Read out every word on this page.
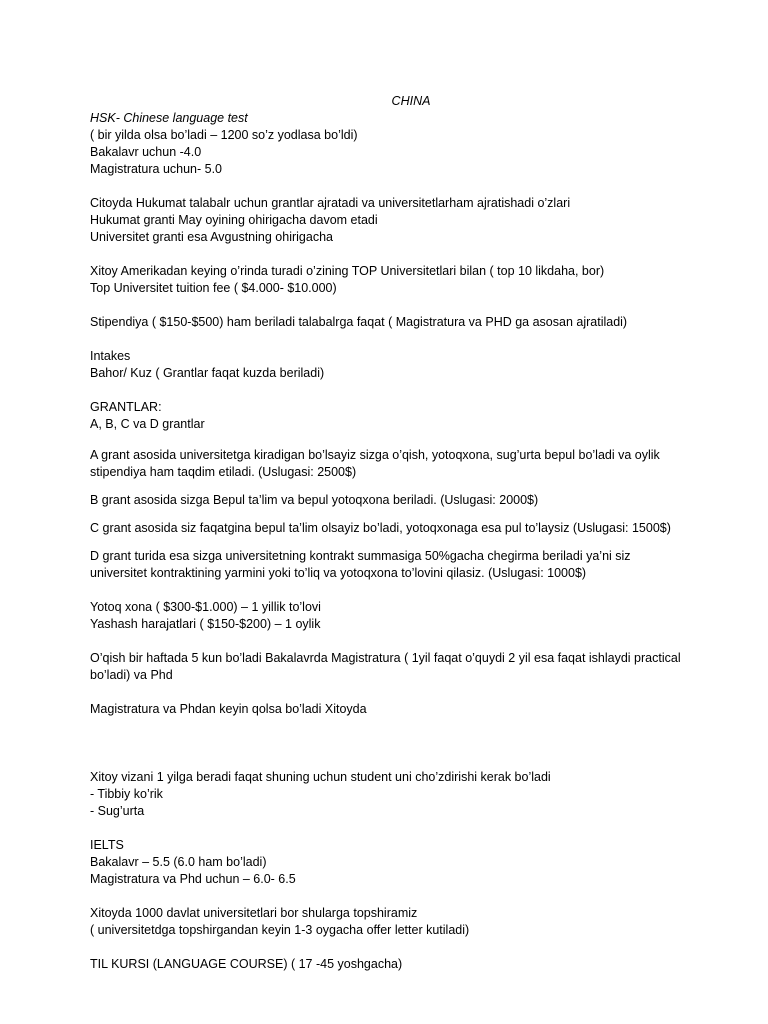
CHINA
HSK- Chinese language test
( bir yilda olsa bo’ladi – 1200 so’z yodlasa bo’ldi)
Bakalavr uchun -4.0
Magistratura uchun- 5.0
Citoyda Hukumat talabalr uchun grantlar ajratadi va universitetlarham ajratishadi o’zlari
Hukumat granti May oyining ohirigacha davom etadi
Universitet granti esa Avgustning ohirigacha
Xitoy Amerikadan keying o’rinda turadi o’zining TOP Universitetlari bilan ( top 10 likdaha, bor)
Top Universitet tuition fee ( $4.000- $10.000)
Stipendiya ( $150-$500) ham beriladi talabalrga faqat ( Magistratura va PHD ga asosan ajratiladi)
Intakes
Bahor/ Kuz ( Grantlar faqat kuzda beriladi)
GRANTLAR:
A, B, C va D grantlar
A grant asosida universitetga kiradigan bo’lsayiz sizga o’qish, yotoqxona, sug’urta bepul bo’ladi va oylik stipendiya ham taqdim etiladi. (Uslugasi: 2500$)
B grant asosida sizga Bepul ta’lim va bepul yotoqxona beriladi. (Uslugasi: 2000$)
C grant asosida siz faqatgina bepul ta’lim olsayiz bo’ladi, yotoqxonaga esa pul to’laysiz (Uslugasi: 1500$)
D grant turida esa sizga universitetning kontrakt summasiga 50%gacha chegirma beriladi ya’ni siz universitet kontraktining yarmini yoki to’liq va yotoqxona to’lovini qilasiz. (Uslugasi: 1000$)
Yotoq xona ( $300-$1.000) – 1 yillik to’lovi
Yashash harajatlari ( $150-$200) – 1 oylik
O’qish bir haftada 5 kun bo’ladi Bakalavrda Magistratura ( 1yil faqat o’quydi 2 yil esa faqat ishlaydi practical bo’ladi) va Phd
Magistratura va Phdan keyin qolsa bo’ladi Xitoyda
Xitoy vizani 1 yilga beradi faqat shuning uchun student uni cho’zdirishi kerak bo’ladi
- Tibbiy ko’rik
- Sug’urta
IELTS
Bakalavr – 5.5 (6.0 ham bo’ladi)
Magistratura va Phd uchun – 6.0- 6.5
Xitoyda 1000 davlat universitetlari bor shularga topshiramiz
( universitetdga topshirgandan keyin 1-3 oygacha offer letter kutiladi)
TIL KURSI (LANGUAGE COURSE) ( 17 -45 yoshgacha)
